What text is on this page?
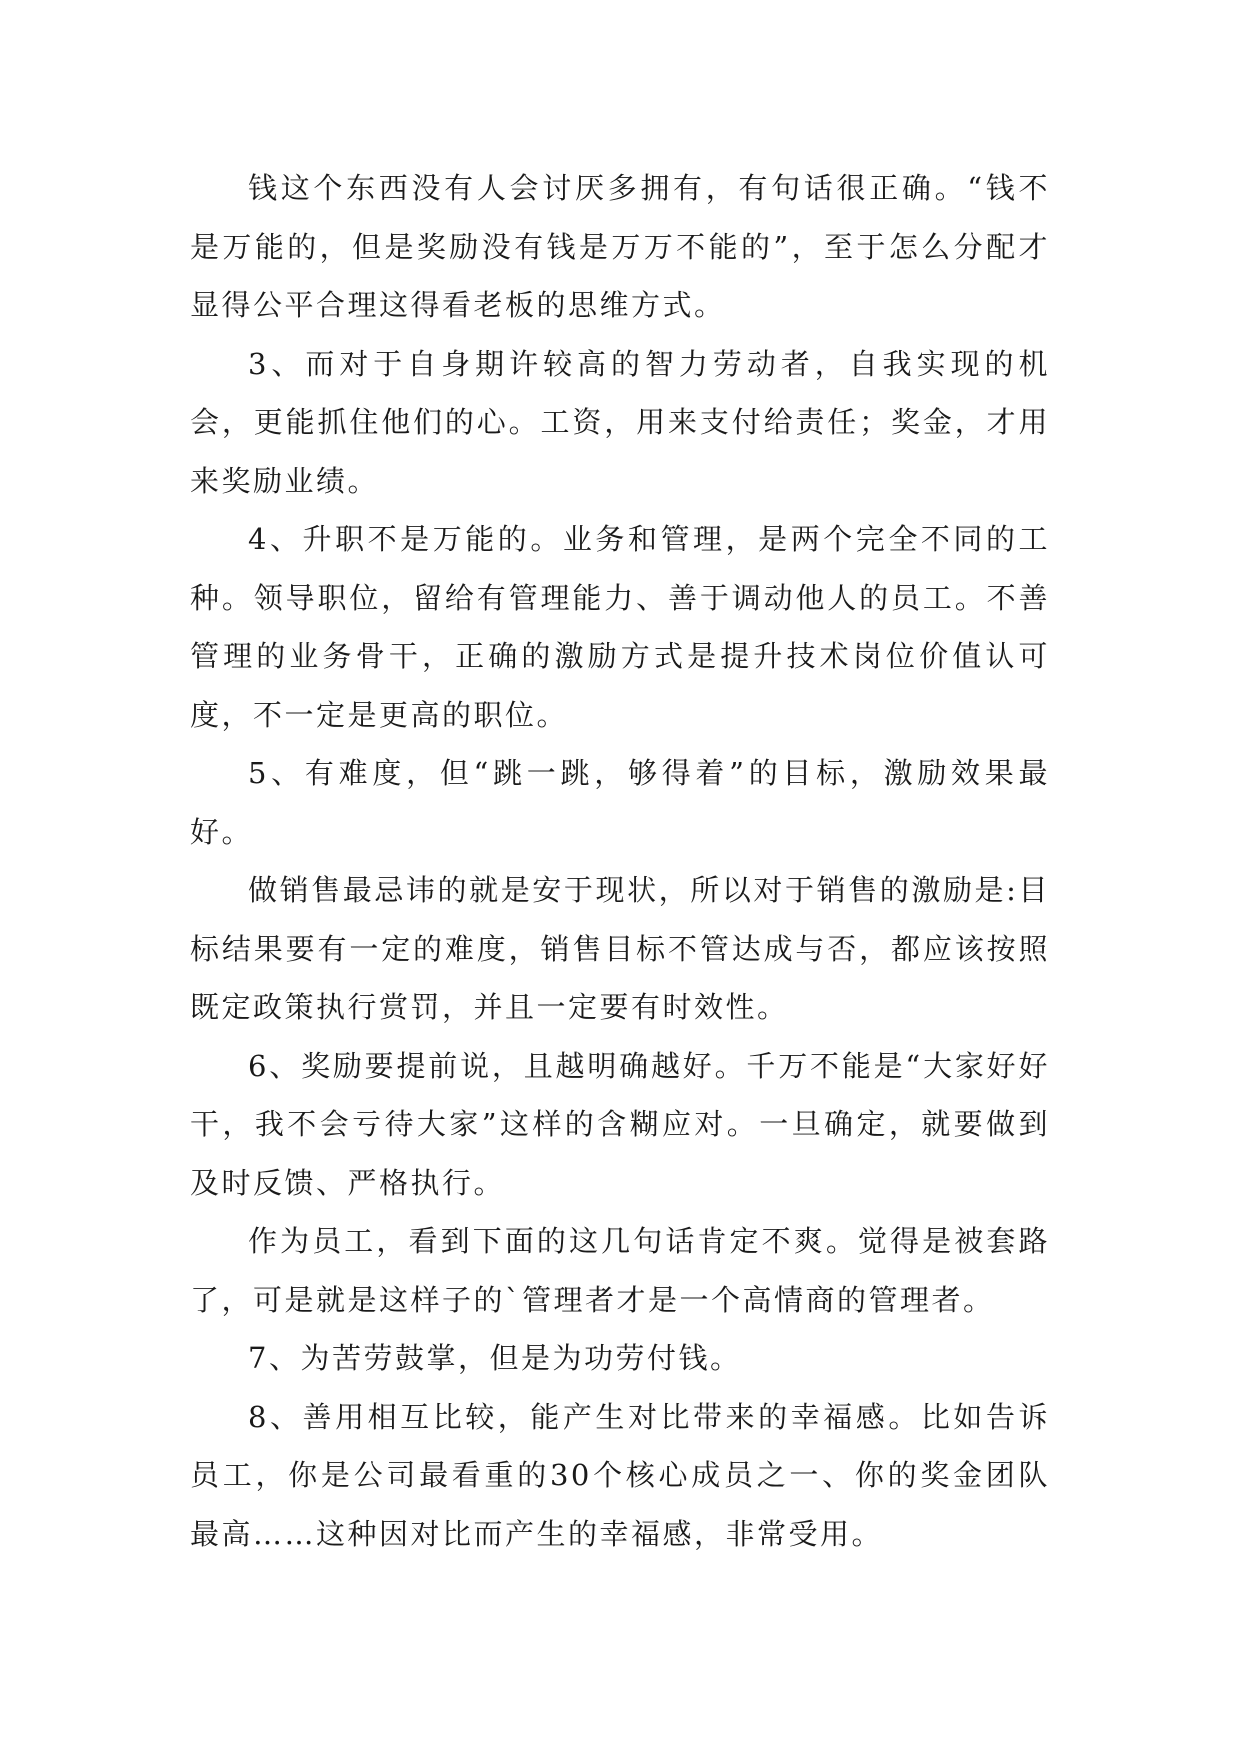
钱这个东西没有人会讨厌多拥有，有句话很正确。“钱不是万能的，但是奖励没有钱是万万不能的”，至于怎么分配才显得公平合理这得看老板的思维方式。

3、而对于自身期许较高的智力劳动者，自我实现的机会，更能抓住他们的心。工资，用来支付给责任；奖金，才用来奖励业绩。

4、升职不是万能的。业务和管理，是两个完全不同的工种。领导职位，留给有管理能力、善于调动他人的员工。不善管理的业务骨干，正确的激励方式是提升技术岗位价值认可度，不一定是更高的职位。

5、有难度，但“跳一跳，够得着”的目标，激励效果最好。

做销售最忌讳的就是安于现状，所以对于销售的激励是:目标结果要有一定的难度，销售目标不管达成与否，都应该按照既定政策执行赏罚，并且一定要有时效性。

6、奖励要提前说，且越明确越好。千万不能是“大家好好干，我不会亏待大家”这样的含糊应对。一旦确定，就要做到及时反馈、严格执行。

作为员工，看到下面的这几句话肯定不爽。觉得是被套路了，可是就是这样子的`管理者才是一个高情商的管理者。

7、为苦劳鼓掌，但是为功劳付钱。

8、善用相互比较，能产生对比带来的幸福感。比如告诉员工，你是公司最看重的30个核心成员之一、你的奖金团队最高……这种因对比而产生的幸福感，非常受用。
